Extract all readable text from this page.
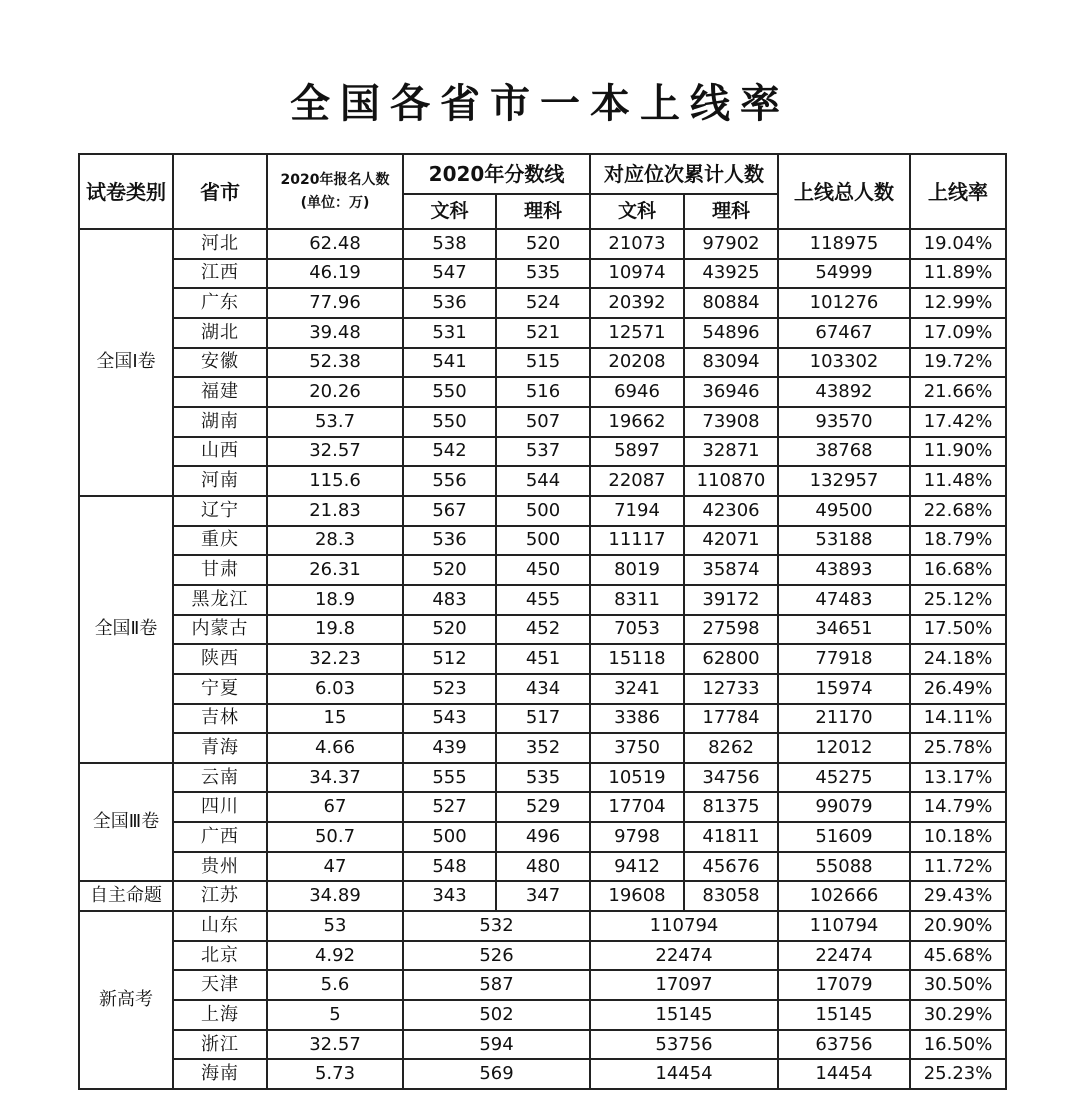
全国各省市一本上线率
试卷类别	省市	2020年报名人数
(单位：万)	2020年分数线		对应位次累计人数		上线总人数	上线率
			文科	理科	文科	理科		
全国Ⅰ卷	河北	62.48	538	520	21073	97902	118975	19.04%
	江西	46.19	547	535	10974	43925	54999	11.89%
	广东	77.96	536	524	20392	80884	101276	12.99%
	湖北	39.48	531	521	12571	54896	67467	17.09%
	安徽	52.38	541	515	20208	83094	103302	19.72%
	福建	20.26	550	516	6946	36946	43892	21.66%
	湖南	53.7	550	507	19662	73908	93570	17.42%
	山西	32.57	542	537	5897	32871	38768	11.90%
	河南	115.6	556	544	22087	110870	132957	11.48%
全国Ⅱ卷	辽宁	21.83	567	500	7194	42306	49500	22.68%
	重庆	28.3	536	500	11117	42071	53188	18.79%
	甘肃	26.31	520	450	8019	35874	43893	16.68%
	黑龙江	18.9	483	455	8311	39172	47483	25.12%
	内蒙古	19.8	520	452	7053	27598	34651	17.50%
	陕西	32.23	512	451	15118	62800	77918	24.18%
	宁夏	6.03	523	434	3241	12733	15974	26.49%
	吉林	15	543	517	3386	17784	21170	14.11%
	青海	4.66	439	352	3750	8262	12012	25.78%
全国Ⅲ卷	云南	34.37	555	535	10519	34756	45275	13.17%
	四川	67	527	529	17704	81375	99079	14.79%
	广西	50.7	500	496	9798	41811	51609	10.18%
	贵州	47	548	480	9412	45676	55088	11.72%
自主命题	江苏	34.89	343	347	19608	83058	102666	29.43%
新高考	山东	53	532		110794		110794	20.90%
	北京	4.92	526		22474		22474	45.68%
	天津	5.6	587		17097		17079	30.50%
	上海	5	502		15145		15145	30.29%
	浙江	32.57	594		53756		63756	16.50%
	海南	5.73	569		14454		14454	25.23%
